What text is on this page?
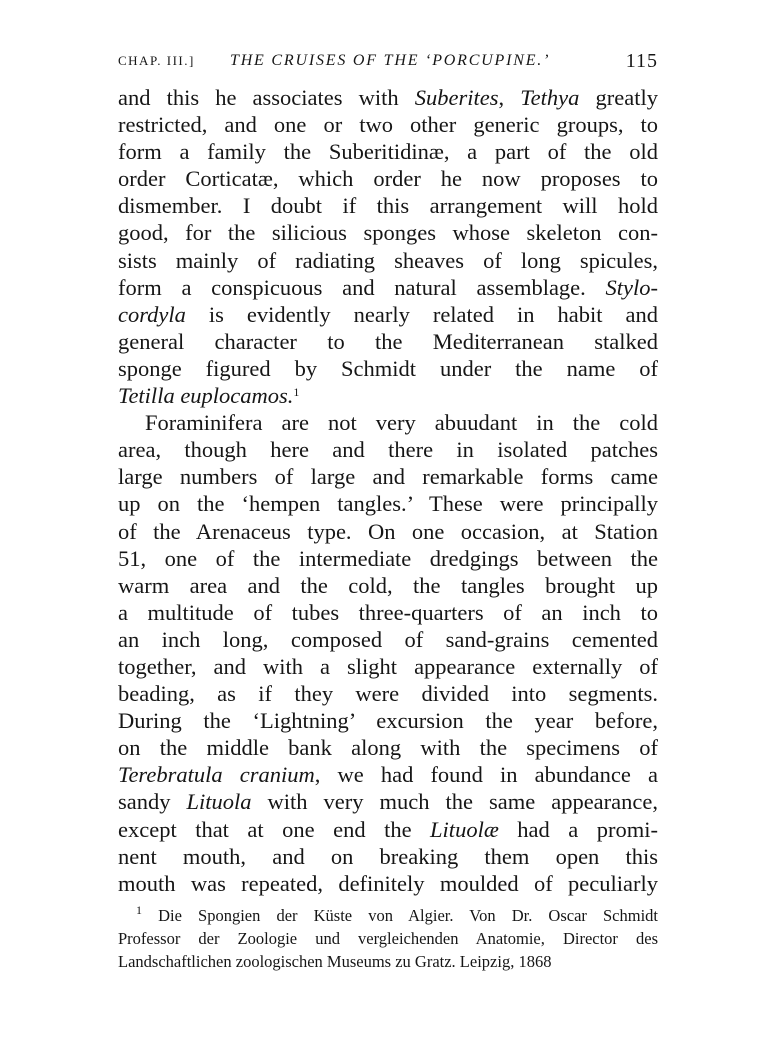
CHAP. III.] THE CRUISES OF THE ‘PORCUPINE.’	115
and this he associates with Suberites, Tethya greatly
restricted, and one or two other generic groups, to
form a family the Suberitidinæ, a part of the old
order Corticatæ, which order he now proposes to
dismember. I doubt if this arrangement will hold
good, for the silicious sponges whose skeleton con-
sists mainly of radiating sheaves of long spicules,
form a conspicuous and natural assemblage. Stylo-
cordyla is evidently nearly related in habit and
general character to the Mediterranean stalked
sponge figured by Schmidt under the name of
Tetilla euplocamos.$^1$
Foraminifera are not very abuudant in the cold
area, though here and there in isolated patches
large numbers of large and remarkable forms came
up on the ‘hempen tangles.’ These were principally
of the Arenaceus type. On one occasion, at Station
51, one of the intermediate dredgings between the
warm area and the cold, the tangles brought up
a multitude of tubes three-quarters of an inch to
an inch long, composed of sand-grains cemented
together, and with a slight appearance externally of
beading, as if they were divided into segments.
During the ‘Lightning’ excursion the year before,
on the middle bank along with the specimens of
Terebratula cranium, we had found in abundance a
sandy Lituola with very much the same appearance,
except that at one end the Lituolæ had a promi-
nent mouth, and on breaking them open this
mouth was repeated, definitely moulded of peculiarly
$^1$ Die Spongien der Küste von Algier. Von Dr. Oscar Schmidt
Professor der Zoologie und vergleichenden Anatomie, Director des
Landschaftlichen zoologischen Museums zu Gratz. Leipzig, 1868
